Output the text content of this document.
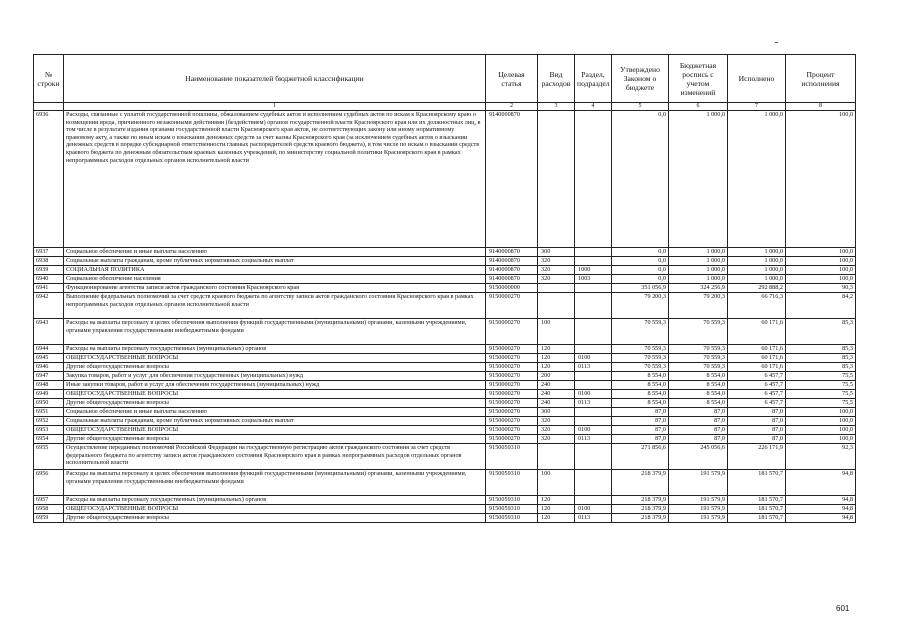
№ строки	Наименование показателей бюджетной классификации	Целевая статья	Вид расходов	Раздел, подраздел	Утверждено Законом о бюджете	Бюджетная роспись с учетом изменений	Исполнено	Процент исполнения
	1	2	3	4	5	6	7	8
6936	Расходы, связанные с уплатой государственной пошлины, обжалованием судебных актов и исполнением судебных актов по искам к Красноярскому краю о возмещении вреда, причиненного незаконными действиями (бездействием) органов государственной власти Красноярского края или их должностных лиц, в том числе в результате издания органами государственной власти Красноярского края актов, не соответствующих закону или иному нормативному правовому акту, а также по иным искам о взыскании денежных средств за счет казны Красноярского края (за исключением судебных актов о взыскании денежных средств в порядке субсидиарной ответственности главных распорядителей средств краевого бюджета), в том числе по искам о взыскании средств краевого бюджета по денежным обязательствам краевых казенных учреждений, по министерству социальной политики Красноярского края в рамках непрограммных расходов отдельных органов исполнительной власти	9140000870			0,0	1 000,0	1 000,0	100,0
6937	Социальное обеспечение и иные выплаты населению	9140000870	300		0,0	1 000,0	1 000,0	100,0
6938	Социальные выплаты гражданам, кроме публичных нормативных социальных выплат	9140000870	320		0,0	1 000,0	1 000,0	100,0
6939	СОЦИАЛЬНАЯ ПОЛИТИКА	9140000870	320	1000	0,0	1 000,0	1 000,0	100,0
6940	Социальное обеспечение населения	9140000870	320	1003	0,0	1 000,0	1 000,0	100,0
6941	Функционирование агентства записи актов гражданского состояния Красноярского края	9150000000			351 056,9	324 256,9	292 888,2	90,3
6942	Выполнение федеральных полномочий за счет средств краевого бюджета по агентству записи актов гражданского состояния Красноярского края в рамках непрограммных расходов отдельных органов исполнительной власти	9150000270			79 200,3	79 200,3	66 716,3	84,2
6943	Расходы на выплаты персоналу в целях обеспечения выполнения функций государственными (муниципальными) органами, казенными учреждениями, органами управления государственными внебюджетными фондами	9150000270	100		70 559,3	70 559,3	60 171,6	85,3
6944	Расходы на выплаты персоналу государственных (муниципальных) органов	9150000270	120		70 559,3	70 559,3	60 171,6	85,3
6945	ОБЩЕГОСУДАРСТВЕННЫЕ ВОПРОСЫ	9150000270	120	0100	70 559,3	70 559,3	60 171,6	85,3
6946	Другие общегосударственные вопросы	9150000270	120	0113	70 559,3	70 559,3	60 171,6	85,3
6947	Закупка товаров, работ и услуг для обеспечения государственных (муниципальных) нужд	9150000270	200		8 554,0	8 554,0	6 457,7	75,5
6948	Иные закупки товаров, работ и услуг для обеспечения государственных (муниципальных) нужд	9150000270	240		8 554,0	8 554,0	6 457,7	75,5
6949	ОБЩЕГОСУДАРСТВЕННЫЕ ВОПРОСЫ	9150000270	240	0100	8 554,0	8 554,0	6 457,7	75,5
6950	Другие общегосударственные вопросы	9150000270	240	0113	8 554,0	8 554,0	6 457,7	75,5
6951	Социальное обеспечение и иные выплаты населению	9150000270	300		87,0	87,0	87,0	100,0
6952	Социальные выплаты гражданам, кроме публичных нормативных социальных выплат	9150000270	320		87,0	87,0	87,0	100,0
6953	ОБЩЕГОСУДАРСТВЕННЫЕ ВОПРОСЫ	9150000270	320	0100	87,0	87,0	87,0	100,0
6954	Другие общегосударственные вопросы	9150000270	320	0113	87,0	87,0	87,0	100,0
6955	Осуществление переданных полномочий Российской Федерации на государственную регистрацию актов гражданского состояния за счет средств федерального бюджета по агентству записи актов гражданского состояния Красноярского края в рамках непрограммных расходов отдельных органов исполнительной власти	9150059310			271 856,6	245 056,6	226 171,9	92,3
6956	Расходы на выплаты персоналу в целях обеспечения выполнения функций государственными (муниципальными) органами, казенными учреждениями, органами управления государственными внебюджетными фондами	9150059310	100		218 379,9	191 579,9	181 570,7	94,8
6957	Расходы на выплаты персоналу государственных (муниципальных) органов	9150059310	120		218 379,9	191 579,9	181 570,7	94,8
6958	ОБЩЕГОСУДАРСТВЕННЫЕ ВОПРОСЫ	9150059310	120	0100	218 379,9	191 579,9	181 570,7	94,8
6959	Другие общегосударственные вопросы	9150059310	120	0113	218 379,9	191 579,9	181 570,7	94,8
601
